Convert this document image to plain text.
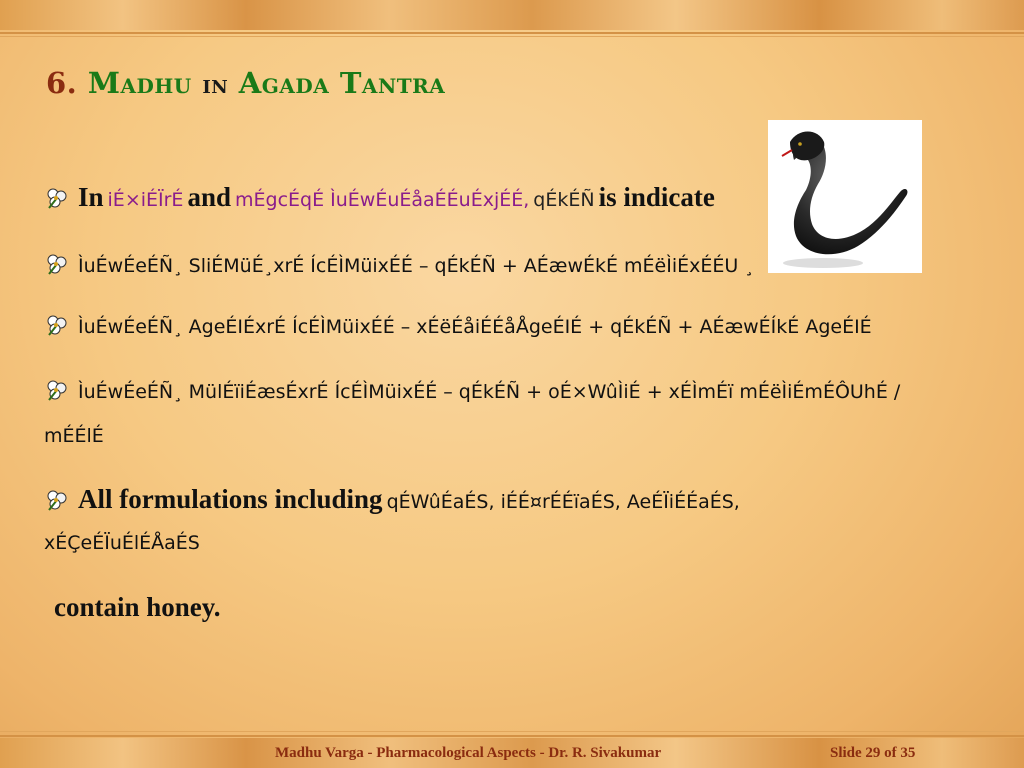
6. Madhu in Agada Tantra
In iÉ×iÉÏrÉ and mÉgcÉqÉ ÌuÉwÉuÉåaÉÉuÉxjÉÉ, qÉkÉÑ is indicate
ÌuÉwÉeÉÑ¸ SliÉMüÉ¸xrÉ ÍcÉÌMüixÉÉ – qÉkÉÑ + AÉæwÉkÉ mÉëÌiÉxÉÉU ¸
ÌuÉwÉeÉÑ¸ AgeÉIÉxrÉ ÍcÉÌMüixÉÉ – xÉëÉåiÉÉåÅgeÉIÉ + qÉkÉÑ + AÉæwÉÍkÉ AgeÉIÉ
ÌuÉwÉeÉÑ¸ MülÉïiÉæsÉxrÉ ÍcÉÌMüixÉÉ – qÉkÉÑ + oÉ×WûÌiÉ + xÉÌmÉï mÉëÌiÉmÉÔUhÉ /
mÉÉlÉ
All formulations including qÉWûÉaÉS, iÉÉ¤rÉÉïaÉS, AeÉÏiÉÉaÉS,
xÉÇeÉÏuÉlÉÅaÉS
contain honey.
Madhu Varga - Pharmacological Aspects - Dr. R. Sivakumar	Slide 29 of 35
